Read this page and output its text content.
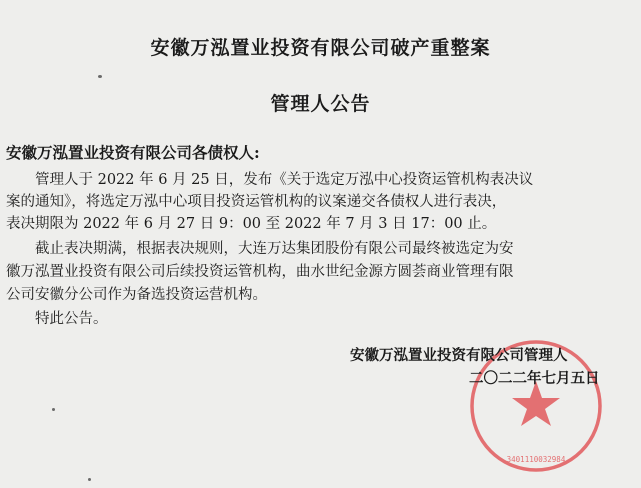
安徽万泓置业投资有限公司破产重整案
管理人公告
安徽万泓置业投资有限公司各债权人:
管理人于 2022 年 6 月 25 日，发布《关于选定万泓中心投资运管机构表决议
案的通知》，将选定万泓中心项目投资运管机构的议案递交各债权人进行表决，
表决期限为 2022 年 6 月 27 日 9：00 至 2022 年 7 月 3 日 17：00 止。
截止表决期满，根据表决规则，大连万达集团股份有限公司最终被选定为安
徽万泓置业投资有限公司后续投资运管机构，曲水世纪金源方圆荟商业管理有限
公司安徽分公司作为备选投资运营机构。
特此公告。
3401110032984
安徽万泓置业投资有限公司管理人
二〇二二年七月五日
